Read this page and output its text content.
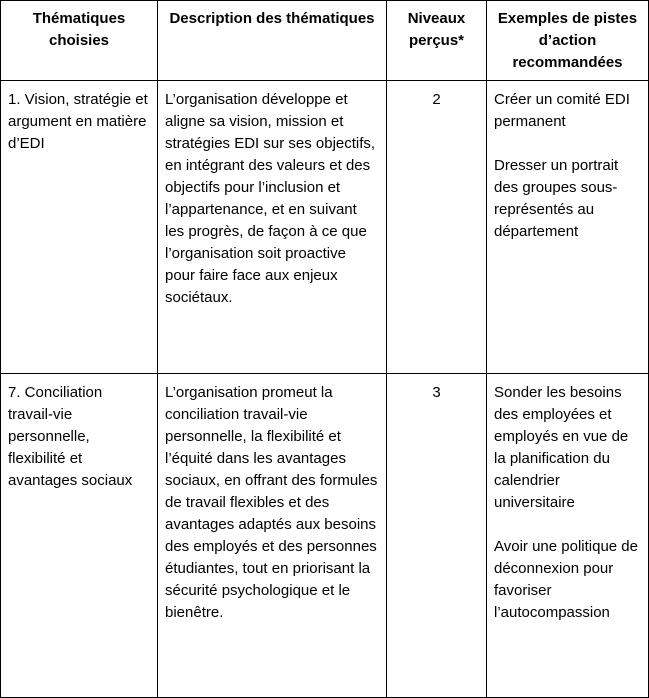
Thématiques choisies	Description des thématiques	Niveaux perçus*	Exemples de pistes d’action recommandées
1. Vision, stratégie et argument en matière d’EDI	L’organisation développe et aligne sa vision, mission et stratégies EDI sur ses objectifs, en intégrant des valeurs et des objectifs pour l’inclusion et l’appartenance, et en suivant les progrès, de façon à ce que l’organisation soit proactive pour faire face aux enjeux sociétaux.	2	Créer un comité EDI permanent
Dresser un portrait des groupes sous-représentés au département

7. Conciliation travail-vie personnelle, flexibilité et avantages sociaux	L’organisation promeut la conciliation travail-vie personnelle, la flexibilité et l’équité dans les avantages sociaux, en offrant des formules de travail flexibles et des avantages adaptés aux besoins des employés et des personnes étudiantes, tout en priorisant la sécurité psychologique et le bienêtre.	3	Sonder les besoins des employées et employés en vue de la planification du calendrier universitaire
Avoir une politique de déconnexion pour favoriser l’autocompassion
